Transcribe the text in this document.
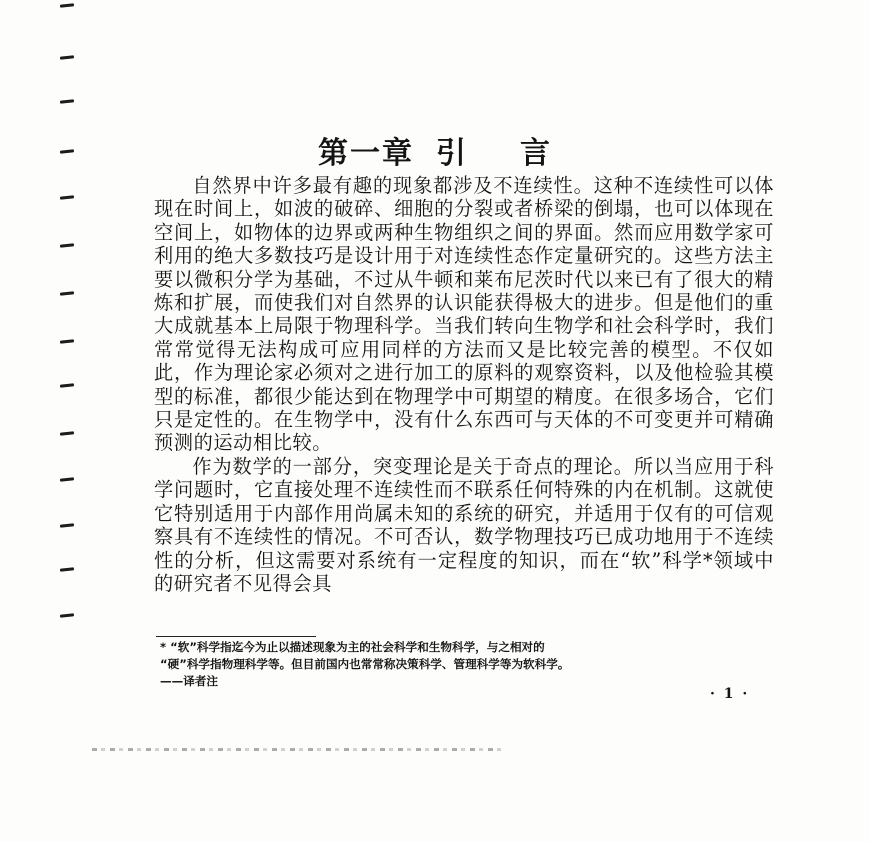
第一章 引 言

自然界中许多最有趣的现象都涉及不连续性。这种不连续性可以体现在时间上，如波的破碎、细胞的分裂或者桥梁的倒塌，也可以体现在空间上，如物体的边界或两种生物组织之间的界面。然而应用数学家可利用的绝大多数技巧是设计用于对连续性态作定量研究的。这些方法主要以微积分学为基础，不过从牛顿和莱布尼茨时代以来已有了很大的精炼和扩展，而使我们对自然界的认识能获得极大的进步。但是他们的重大成就基本上局限于物理科学。当我们转向生物学和社会科学时，我们常常觉得无法构成可应用同样的方法而又是比较完善的模型。不仅如此，作为理论家必须对之进行加工的原料的观察资料，以及他检验其模型的标准，都很少能达到在物理学中可期望的精度。在很多场合，它们只是定性的。在生物学中，没有什么东西可与天体的不可变更并可精确预测的运动相比较。

作为数学的一部分，突变理论是关于奇点的理论。所以当应用于科学问题时，它直接处理不连续性而不联系任何特殊的内在机制。这就使它特别适用于内部作用尚属未知的系统的研究，并适用于仅有的可信观察具有不连续性的情况。不可否认，数学物理技巧已成功地用于不连续性的分析，但这需要对系统有一定程度的知识，而在“软”科学*领域中的研究者不见得会具

* “软”科学指迄今为止以描述现象为主的社会科学和生物科学，与之相对的
“硬”科学指物理科学等。但目前国内也常常称决策科学、管理科学等为软科学。
——译者注
· 1 ·
